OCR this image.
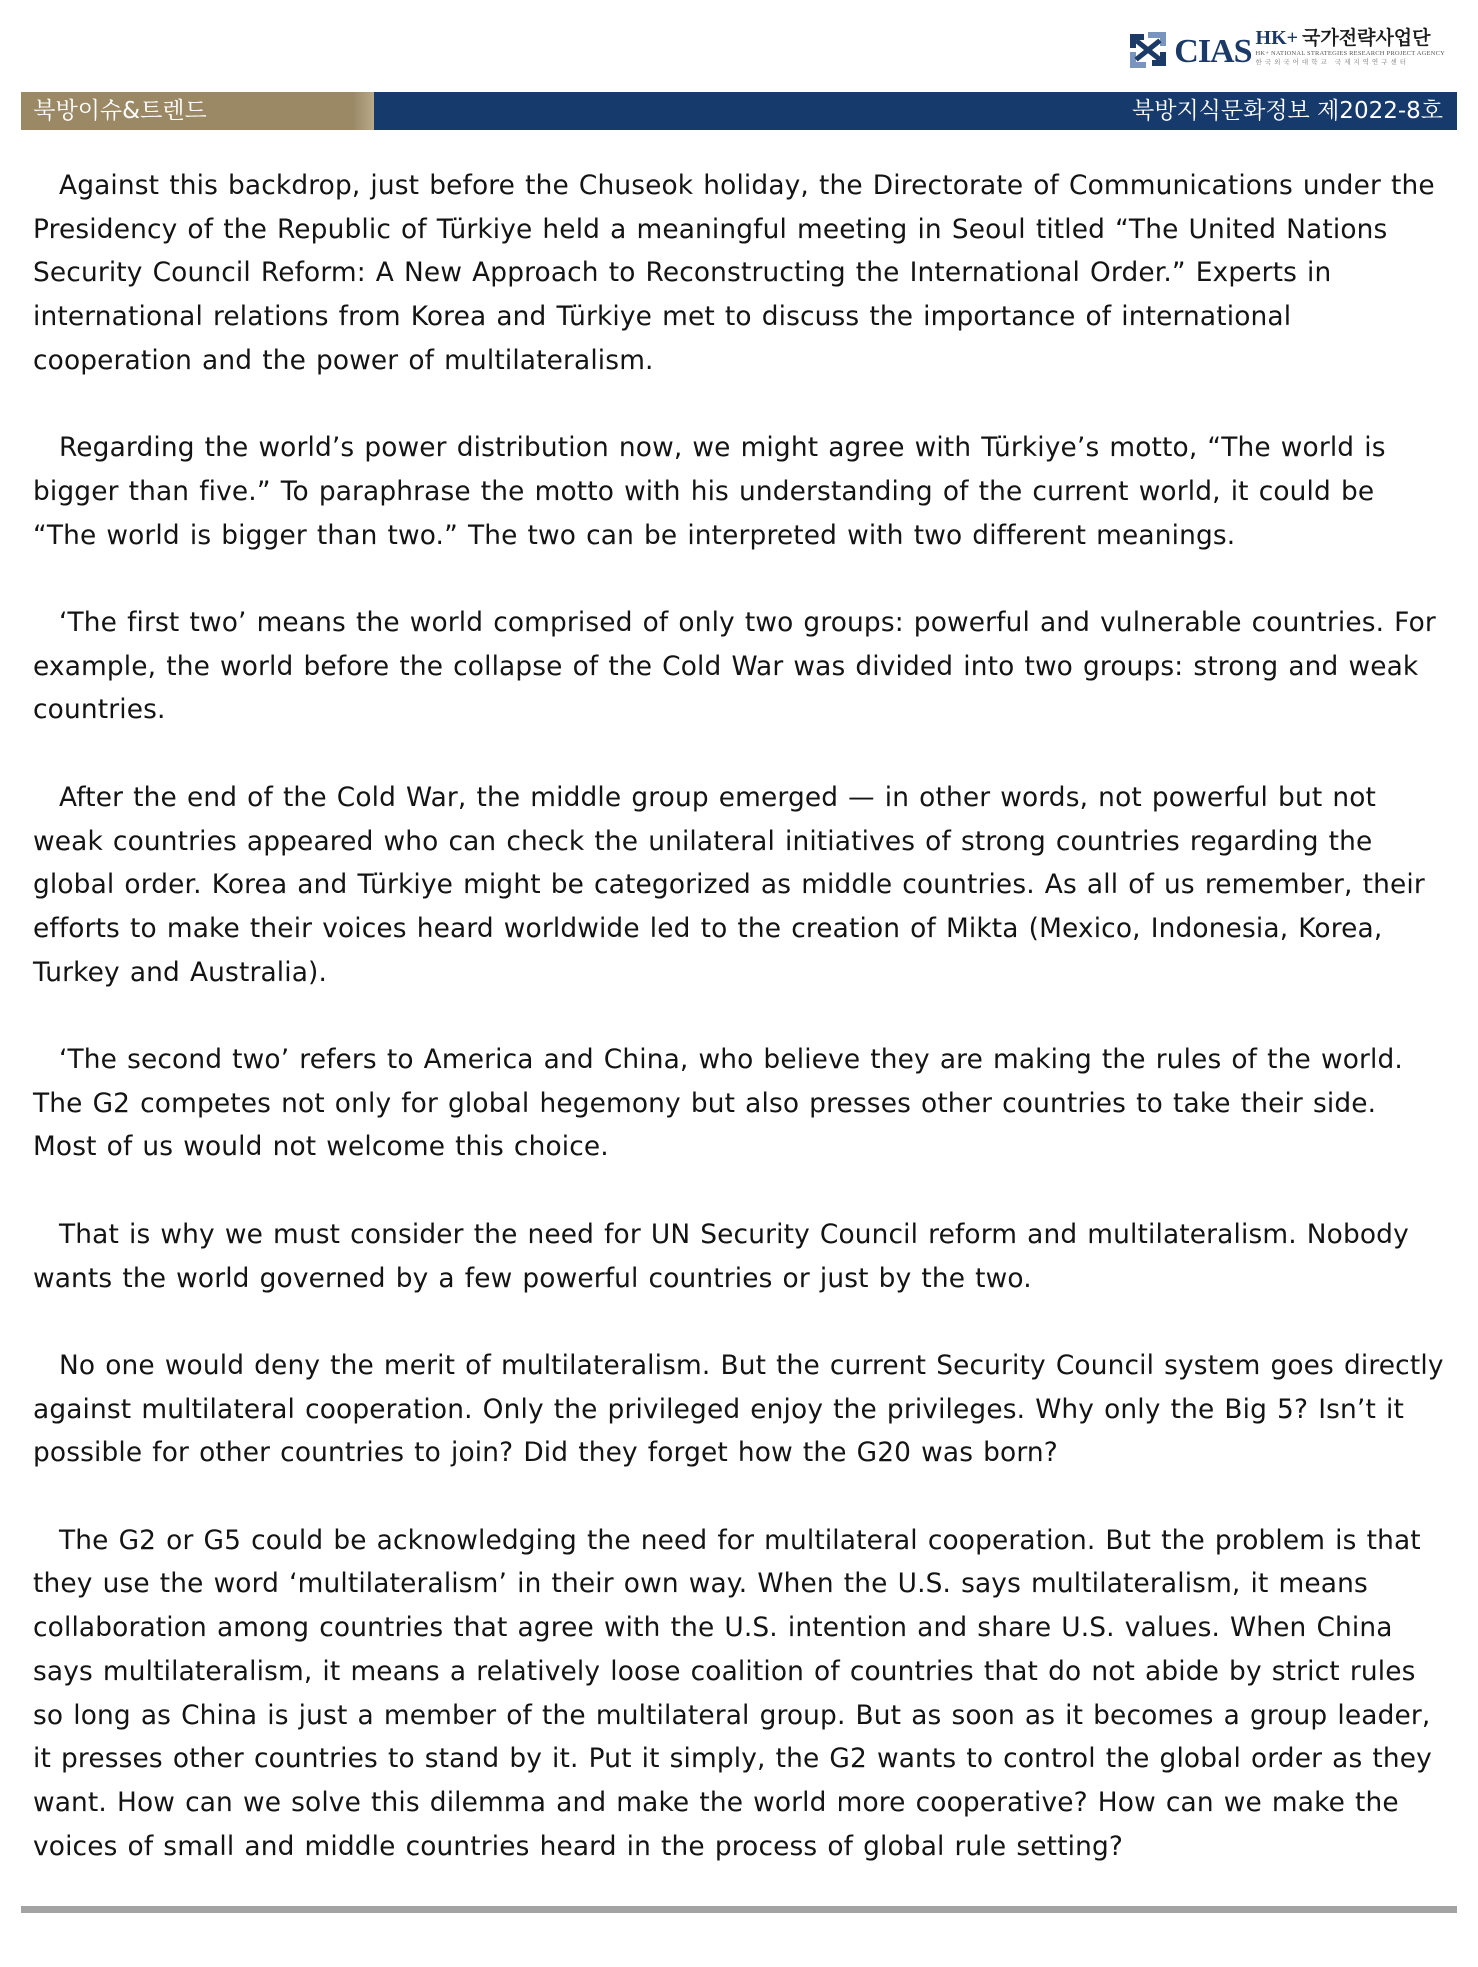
CIAS HK+ 국가전략사업단
HK+ NATIONAL STRATEGIES RESEARCH PROJECT AGENCY
한국외국어대학교 국제지역연구센터
북방이슈&트렌드	북방지식문화정보 제2022-8호

Against this backdrop, just before the Chuseok holiday, the Directorate of Communications under the Presidency of the Republic of Türkiye held a meaningful meeting in Seoul titled “The United Nations Security Council Reform: A New Approach to Reconstructing the International Order.” Experts in international relations from Korea and Türkiye met to discuss the importance of international cooperation and the power of multilateralism.

Regarding the world’s power distribution now, we might agree with Türkiye’s motto, “The world is bigger than five.” To paraphrase the motto with his understanding of the current world, it could be “The world is bigger than two.” The two can be interpreted with two different meanings.

‘The first two’ means the world comprised of only two groups: powerful and vulnerable countries. For example, the world before the collapse of the Cold War was divided into two groups: strong and weak countries.

After the end of the Cold War, the middle group emerged — in other words, not powerful but not weak countries appeared who can check the unilateral initiatives of strong countries regarding the global order. Korea and Türkiye might be categorized as middle countries. As all of us remember, their efforts to make their voices heard worldwide led to the creation of Mikta (Mexico, Indonesia, Korea, Turkey and Australia).

‘The second two’ refers to America and China, who believe they are making the rules of the world. The G2 competes not only for global hegemony but also presses other countries to take their side. Most of us would not welcome this choice.

That is why we must consider the need for UN Security Council reform and multilateralism. Nobody wants the world governed by a few powerful countries or just by the two.

No one would deny the merit of multilateralism. But the current Security Council system goes directly against multilateral cooperation. Only the privileged enjoy the privileges. Why only the Big 5? Isn’t it possible for other countries to join? Did they forget how the G20 was born?

The G2 or G5 could be acknowledging the need for multilateral cooperation. But the problem is that they use the word ‘multilateralism’ in their own way. When the U.S. says multilateralism, it means collaboration among countries that agree with the U.S. intention and share U.S. values. When China says multilateralism, it means a relatively loose coalition of countries that do not abide by strict rules so long as China is just a member of the multilateral group. But as soon as it becomes a group leader, it presses other countries to stand by it. Put it simply, the G2 wants to control the global order as they want. How can we solve this dilemma and make the world more cooperative? How can we make the voices of small and middle countries heard in the process of global rule setting?
